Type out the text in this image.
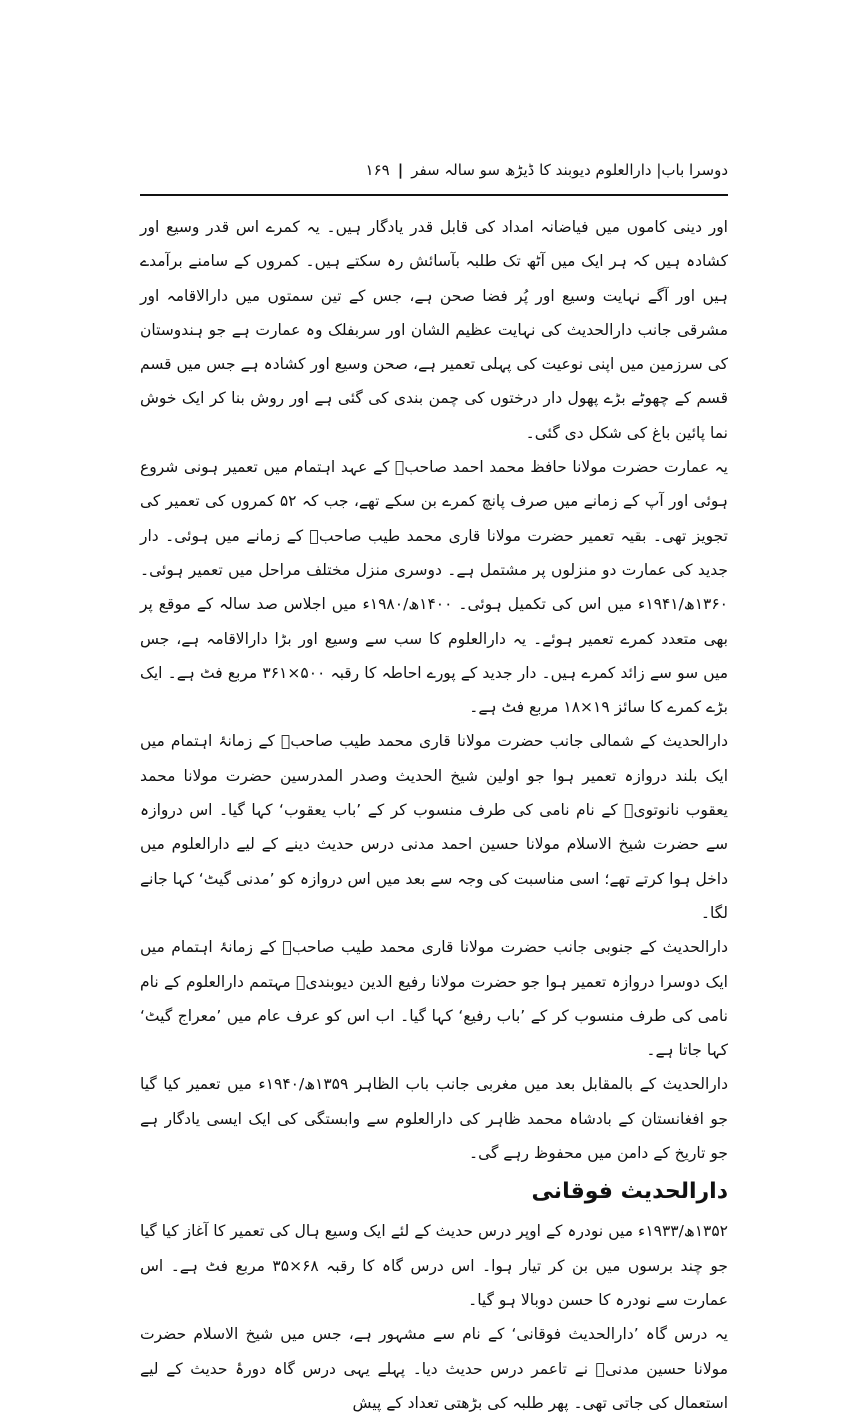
دوسرا باب| دارالعلوم دیوبند کا ڈیڑھ سو سالہ سفر
|
۱۶۹

اور دینی کاموں میں فیاضانہ امداد کی قابل قدر یادگار ہیں۔ یہ کمرے اس قدر وسیع اور کشادہ ہیں کہ ہر ایک میں آٹھ تک طلبہ بآسائش رہ سکتے ہیں۔ کمروں کے سامنے برآمدے ہیں اور آگے نہایت وسیع اور پُر فضا صحن ہے، جس کے تین سمتوں میں دارالاقامہ اور مشرقی جانب دارالحدیث کی نہایت عظیم الشان اور سربفلک وہ عمارت ہے جو ہندوستان کی سرزمین میں اپنی نوعیت کی پہلی تعمیر ہے، صحن وسیع اور کشادہ ہے جس میں قسم قسم کے چھوٹے بڑے پھول دار درختوں کی چمن بندی کی گئی ہے اور روش بنا کر ایک خوش نما پائین باغ کی شکل دی گئی۔

یہ عمارت حضرت مولانا حافظ محمد احمد صاحبؒ کے عہد اہتمام میں تعمیر ہونی شروع ہوئی اور آپ کے زمانے میں صرف پانچ کمرے بن سکے تھے، جب کہ ۵۲ کمروں کی تعمیر کی تجویز تھی۔ بقیہ تعمیر حضرت مولانا قاری محمد طیب صاحبؒ کے زمانے میں ہوئی۔ دار جدید کی عمارت دو منزلوں پر مشتمل ہے۔ دوسری منزل مختلف مراحل میں تعمیر ہوئی۔ ۱۳۶۰ھ/۱۹۴۱ء میں اس کی تکمیل ہوئی۔ ۱۴۰۰ھ/۱۹۸۰ء میں اجلاس صد سالہ کے موقع پر بھی متعدد کمرے تعمیر ہوئے۔ یہ دارالعلوم کا سب سے وسیع اور بڑا دارالاقامہ ہے، جس میں سو سے زائد کمرے ہیں۔ دار جدید کے پورے احاطہ کا رقبہ ۵۰۰×۳۶۱ مربع فٹ ہے۔ ایک بڑے کمرے کا سائز ۱۹×۱۸ مربع فٹ ہے۔

دارالحدیث کے شمالی جانب حضرت مولانا قاری محمد طیب صاحبؒ کے زمانۂ اہتمام میں ایک بلند دروازہ تعمیر ہوا جو اولین شیخ الحدیث وصدر المدرسین حضرت مولانا محمد یعقوب نانوتویؒ کے نام نامی کی طرف منسوب کر کے ’باب یعقوب‘ کہا گیا۔ اس دروازہ سے حضرت شیخ الاسلام مولانا حسین احمد مدنی درس حدیث دینے کے لیے دارالعلوم میں داخل ہوا کرتے تھے؛ اسی مناسبت کی وجہ سے بعد میں اس دروازہ کو ’مدنی گیٹ‘ کہا جانے لگا۔

دارالحدیث کے جنوبی جانب حضرت مولانا قاری محمد طیب صاحبؒ کے زمانۂ اہتمام میں ایک دوسرا دروازہ تعمیر ہوا جو حضرت مولانا رفیع الدین دیوبندیؒ مہتمم دارالعلوم کے نام نامی کی طرف منسوب کر کے ’باب رفیع‘ کہا گیا۔ اب اس کو عرف عام میں ’معراج گیٹ‘ کہا جاتا ہے۔

دارالحدیث کے بالمقابل بعد میں مغربی جانب باب الظاہر ۱۳۵۹ھ/۱۹۴۰ء میں تعمیر کیا گیا جو افغانستان کے بادشاہ محمد ظاہر کی دارالعلوم سے وابستگی کی ایک ایسی یادگار ہے جو تاریخ کے دامن میں محفوظ رہے گی۔

دارالحدیث فوقانی

۱۳۵۲ھ/۱۹۳۳ء میں نودرہ کے اوپر درس حدیث کے لئے ایک وسیع ہال کی تعمیر کا آغاز کیا گیا جو چند برسوں میں بن کر تیار ہوا۔ اس درس گاہ کا رقبہ ۶۸×۳۵ مربع فٹ ہے۔ اس عمارت سے نودرہ کا حسن دوبالا ہو گیا۔

یہ درس گاہ ’دارالحدیث فوقانی‘ کے نام سے مشہور ہے، جس میں شیخ الاسلام حضرت مولانا حسین مدنیؒ نے تاعمر درس حدیث دیا۔ پہلے یہی درس گاہ دورۂ حدیث کے لیے استعمال کی جاتی تھی۔ پھر طلبہ کی بڑھتی تعداد کے پیش
